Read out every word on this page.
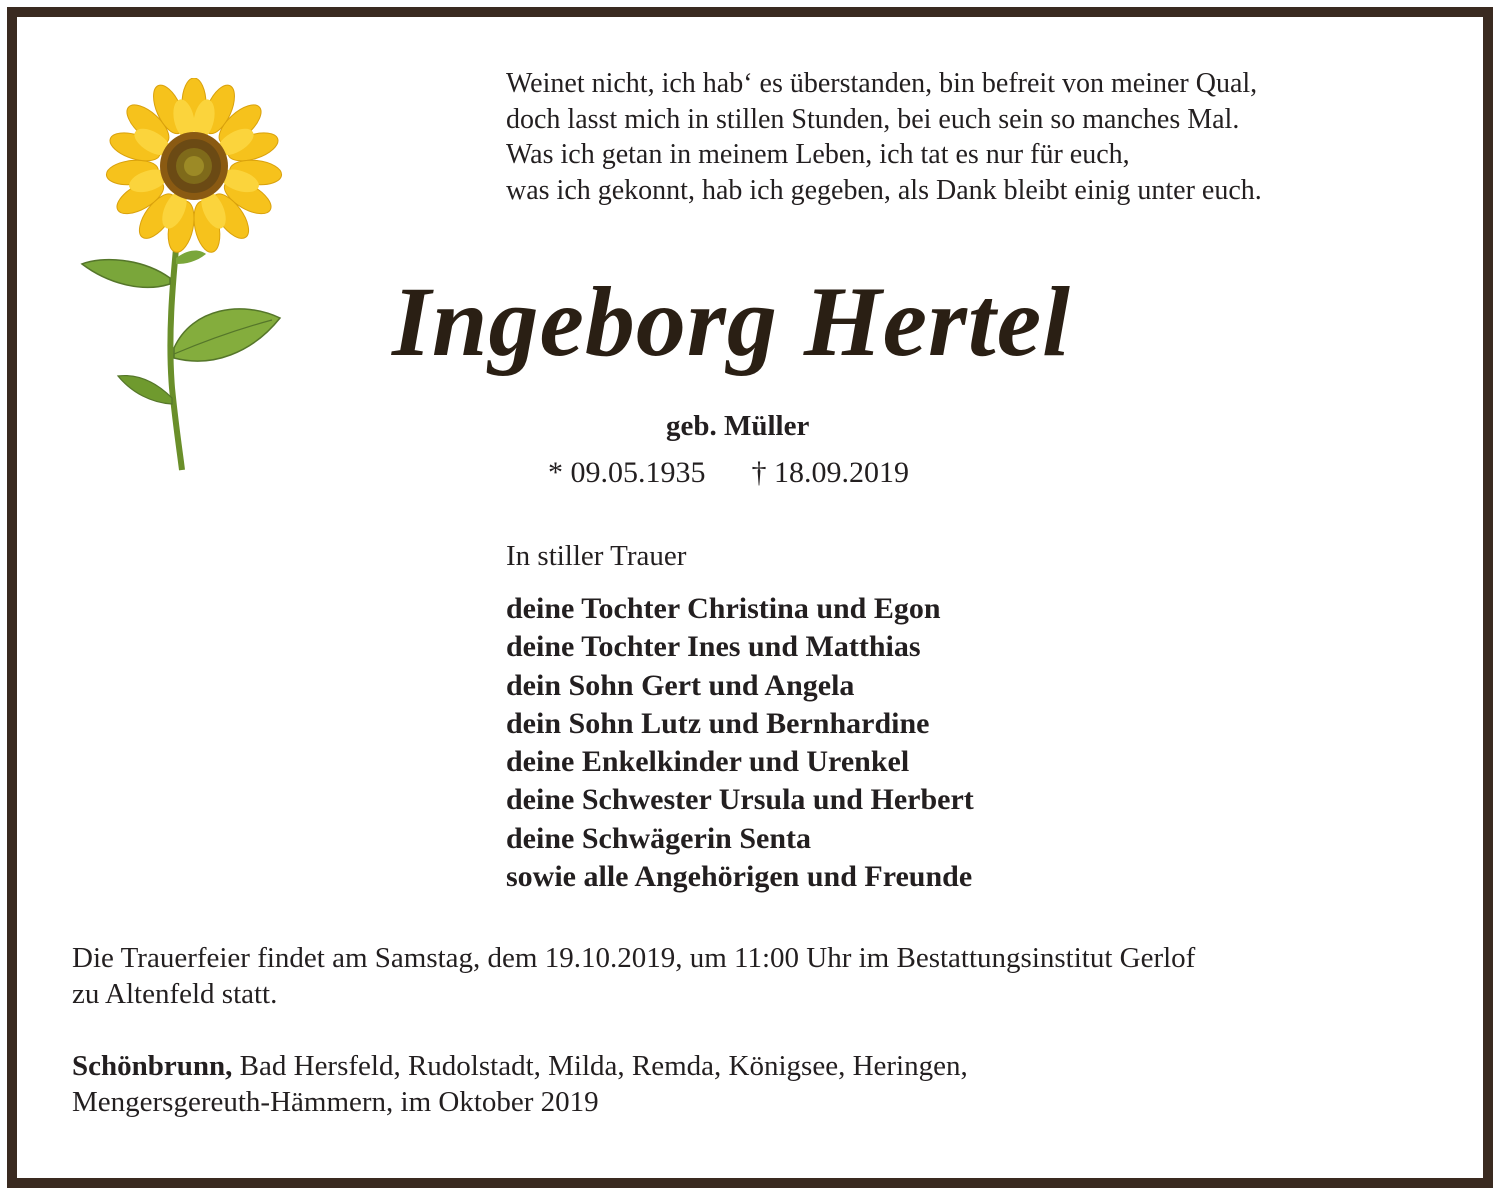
Weinet nicht, ich hab‘ es überstanden, bin befreit von meiner Qual,
doch lasst mich in stillen Stunden, bei euch sein so manches Mal.
Was ich getan in meinem Leben, ich tat es nur für euch,
was ich gekonnt, hab ich gegeben, als Dank bleibt einig unter euch.
Ingeborg Hertel
geb. Müller
* 09.05.1935 † 18.09.2019
In stiller Trauer
deine Tochter Christina und Egon
deine Tochter Ines und Matthias
dein Sohn Gert und Angela
dein Sohn Lutz und Bernhardine
deine Enkelkinder und Urenkel
deine Schwester Ursula und Herbert
deine Schwägerin Senta
sowie alle Angehörigen und Freunde
Die Trauerfeier findet am Samstag, dem 19.10.2019, um 11:00 Uhr im Bestattungsinstitut Gerlof
zu Altenfeld statt.
Schönbrunn, Bad Hersfeld, Rudolstadt, Milda, Remda, Königsee, Heringen,
Mengersgereuth-Hämmern, im Oktober 2019
